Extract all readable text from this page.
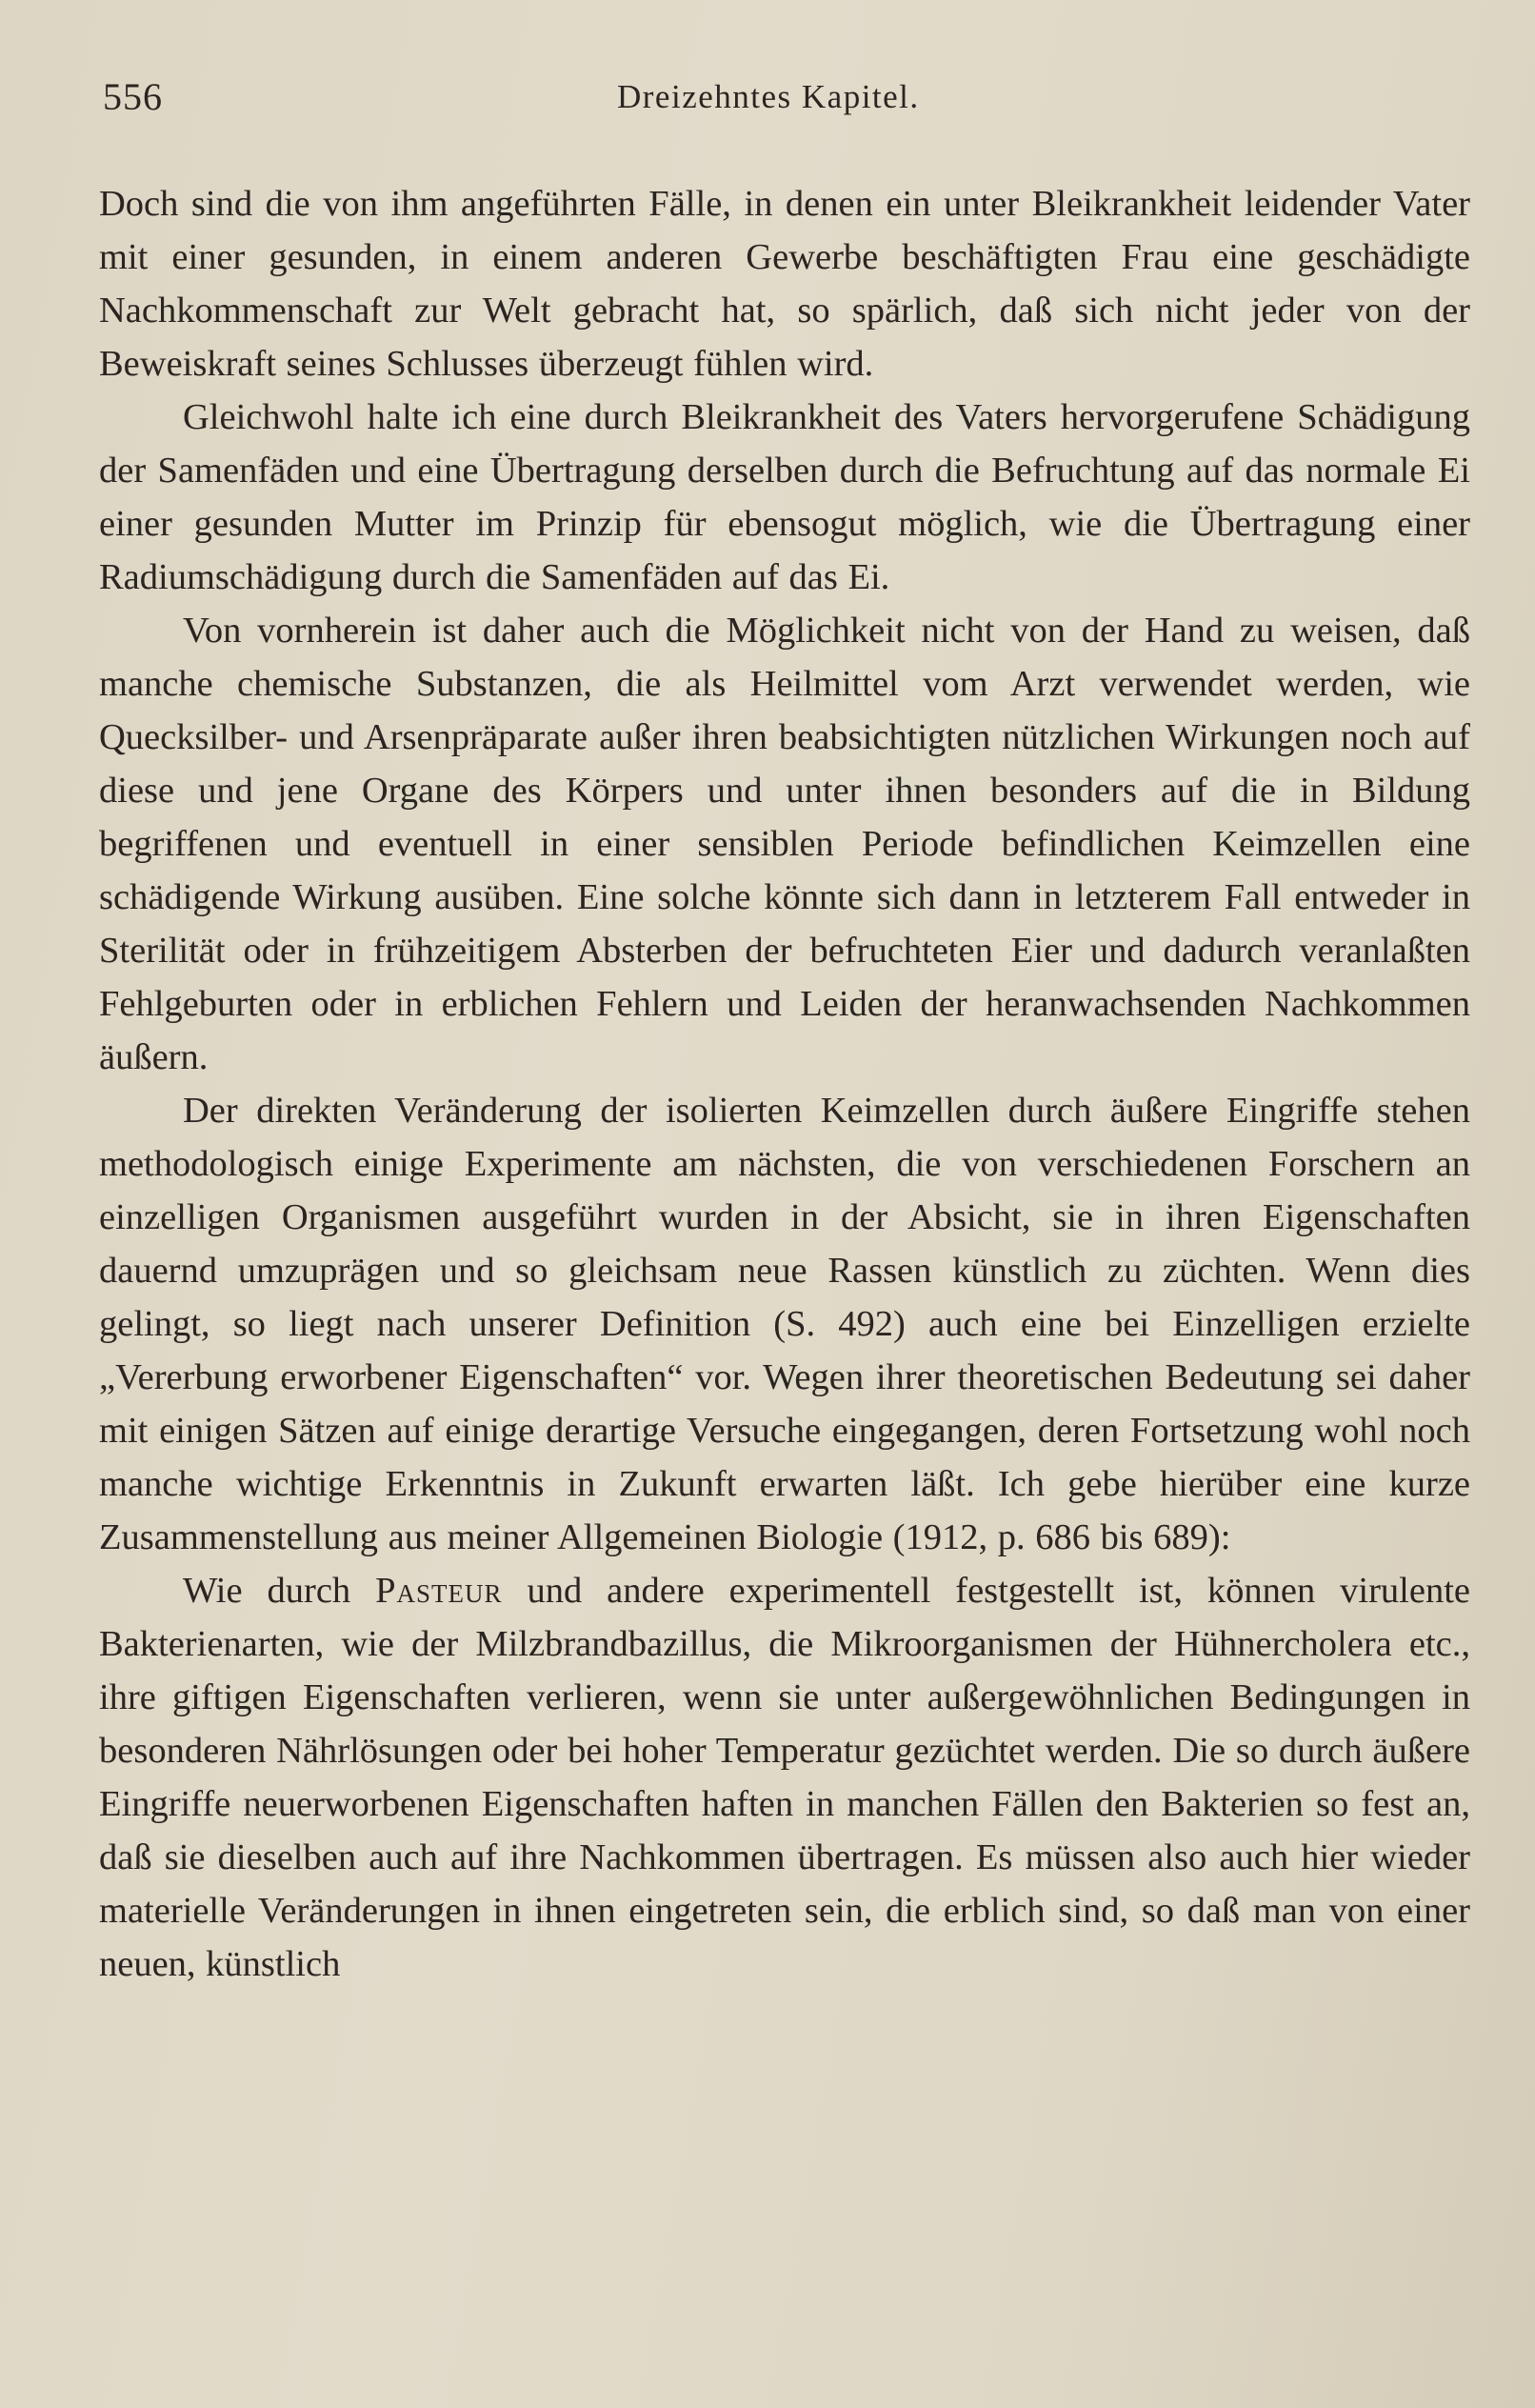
556	Dreizehntes Kapitel.

Doch sind die von ihm angeführten Fälle, in denen ein unter Bleikrankheit leidender Vater mit einer gesunden, in einem anderen Gewerbe beschäftigten Frau eine geschädigte Nachkommenschaft zur Welt gebracht hat, so spärlich, daß sich nicht jeder von der Beweiskraft seines Schlusses überzeugt fühlen wird.

Gleichwohl halte ich eine durch Bleikrankheit des Vaters hervorgerufene Schädigung der Samenfäden und eine Übertragung derselben durch die Befruchtung auf das normale Ei einer gesunden Mutter im Prinzip für ebensogut möglich, wie die Übertragung einer Radiumschädigung durch die Samenfäden auf das Ei.

Von vornherein ist daher auch die Möglichkeit nicht von der Hand zu weisen, daß manche chemische Substanzen, die als Heilmittel vom Arzt verwendet werden, wie Quecksilber- und Arsenpräparate außer ihren beabsichtigten nützlichen Wirkungen noch auf diese und jene Organe des Körpers und unter ihnen besonders auf die in Bildung begriffenen und eventuell in einer sensiblen Periode befindlichen Keimzellen eine schädigende Wirkung ausüben. Eine solche könnte sich dann in letzterem Fall entweder in Sterilität oder in frühzeitigem Absterben der befruchteten Eier und dadurch veranlaßten Fehlgeburten oder in erblichen Fehlern und Leiden der heranwachsenden Nachkommen äußern.

Der direkten Veränderung der isolierten Keimzellen durch äußere Eingriffe stehen methodologisch einige Experimente am nächsten, die von verschiedenen Forschern an einzelligen Organismen ausgeführt wurden in der Absicht, sie in ihren Eigenschaften dauernd umzuprägen und so gleichsam neue Rassen künstlich zu züchten. Wenn dies gelingt, so liegt nach unserer Definition (S. 492) auch eine bei Einzelligen erzielte „Vererbung erworbener Eigenschaften“ vor. Wegen ihrer theoretischen Bedeutung sei daher mit einigen Sätzen auf einige derartige Versuche eingegangen, deren Fortsetzung wohl noch manche wichtige Erkenntnis in Zukunft erwarten läßt. Ich gebe hierüber eine kurze Zusammenstellung aus meiner Allgemeinen Biologie (1912, p. 686 bis 689):

Wie durch Pasteur und andere experimentell festgestellt ist, können virulente Bakterienarten, wie der Milzbrandbazillus, die Mikroorganismen der Hühnercholera etc., ihre giftigen Eigenschaften verlieren, wenn sie unter außergewöhnlichen Bedingungen in besonderen Nährlösungen oder bei hoher Temperatur gezüchtet werden. Die so durch äußere Eingriffe neuerworbenen Eigenschaften haften in manchen Fällen den Bakterien so fest an, daß sie dieselben auch auf ihre Nachkommen übertragen. Es müssen also auch hier wieder materielle Veränderungen in ihnen eingetreten sein, die erblich sind, so daß man von einer neuen, künstlich
